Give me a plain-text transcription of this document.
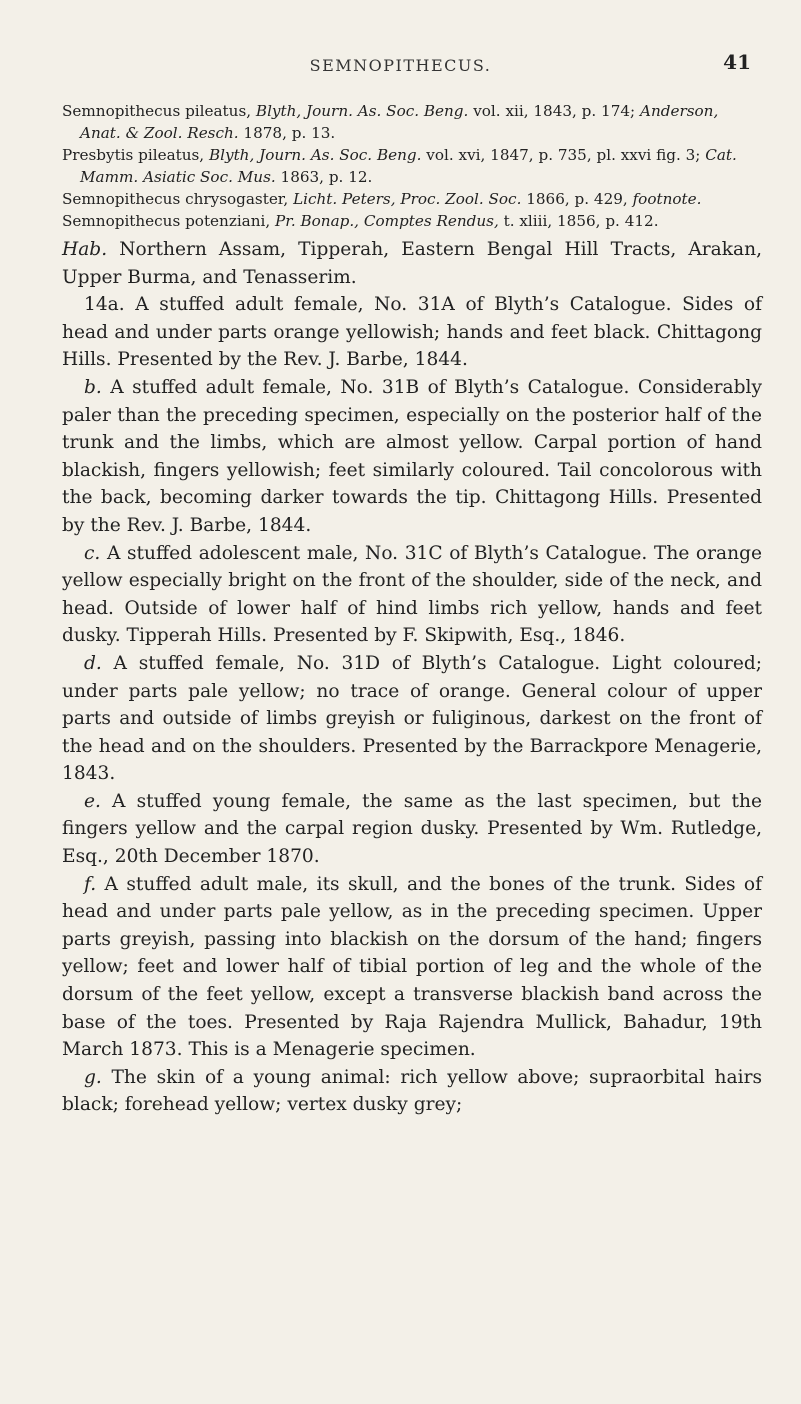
SEMNOPITHECUS.	41

Semnopithecus pileatus, Blyth, Journ. As. Soc. Beng. vol. xii, 1843, p. 174; Anderson, Anat. & Zool. Resch. 1878, p. 13.

Presbytis pileatus, Blyth, Journ. As. Soc. Beng. vol. xvi, 1847, p. 735, pl. xxvi fig. 3; Cat. Mamm. Asiatic Soc. Mus. 1863, p. 12.

Semnopithecus chrysogaster, Licht. Peters, Proc. Zool. Soc. 1866, p. 429, footnote.

Semnopithecus potenziani, Pr. Bonap., Comptes Rendus, t. xliii, 1856, p. 412.

Hab. Northern Assam, Tipperah, Eastern Bengal Hill Tracts, Arakan, Upper Burma, and Tenasserim.

14a. A stuffed adult female, No. 31A of Blyth’s Catalogue. Sides of head and under parts orange yellowish; hands and feet black. Chittagong Hills. Presented by the Rev. J. Barbe, 1844.

b. A stuffed adult female, No. 31B of Blyth’s Catalogue. Considerably paler than the preceding specimen, especially on the posterior half of the trunk and the limbs, which are almost yellow. Carpal portion of hand blackish, fingers yellowish; feet similarly coloured. Tail concolorous with the back, becoming darker towards the tip. Chittagong Hills. Presented by the Rev. J. Barbe, 1844.

c. A stuffed adolescent male, No. 31C of Blyth’s Catalogue. The orange yellow especially bright on the front of the shoulder, side of the neck, and head. Outside of lower half of hind limbs rich yellow, hands and feet dusky. Tipperah Hills. Presented by F. Skipwith, Esq., 1846.

d. A stuffed female, No. 31D of Blyth’s Catalogue. Light coloured; under parts pale yellow; no trace of orange. General colour of upper parts and outside of limbs greyish or fuliginous, darkest on the front of the head and on the shoulders. Presented by the Barrackpore Menagerie, 1843.

e. A stuffed young female, the same as the last specimen, but the fingers yellow and the carpal region dusky. Presented by Wm. Rutledge, Esq., 20th December 1870.

f. A stuffed adult male, its skull, and the bones of the trunk. Sides of head and under parts pale yellow, as in the preceding specimen. Upper parts greyish, passing into blackish on the dorsum of the hand; fingers yellow; feet and lower half of tibial portion of leg and the whole of the dorsum of the feet yellow, except a transverse blackish band across the base of the toes. Presented by Raja Rajendra Mullick, Bahadur, 19th March 1873. This is a Menagerie specimen.

g. The skin of a young animal: rich yellow above; supraorbital hairs black; forehead yellow; vertex dusky grey;
